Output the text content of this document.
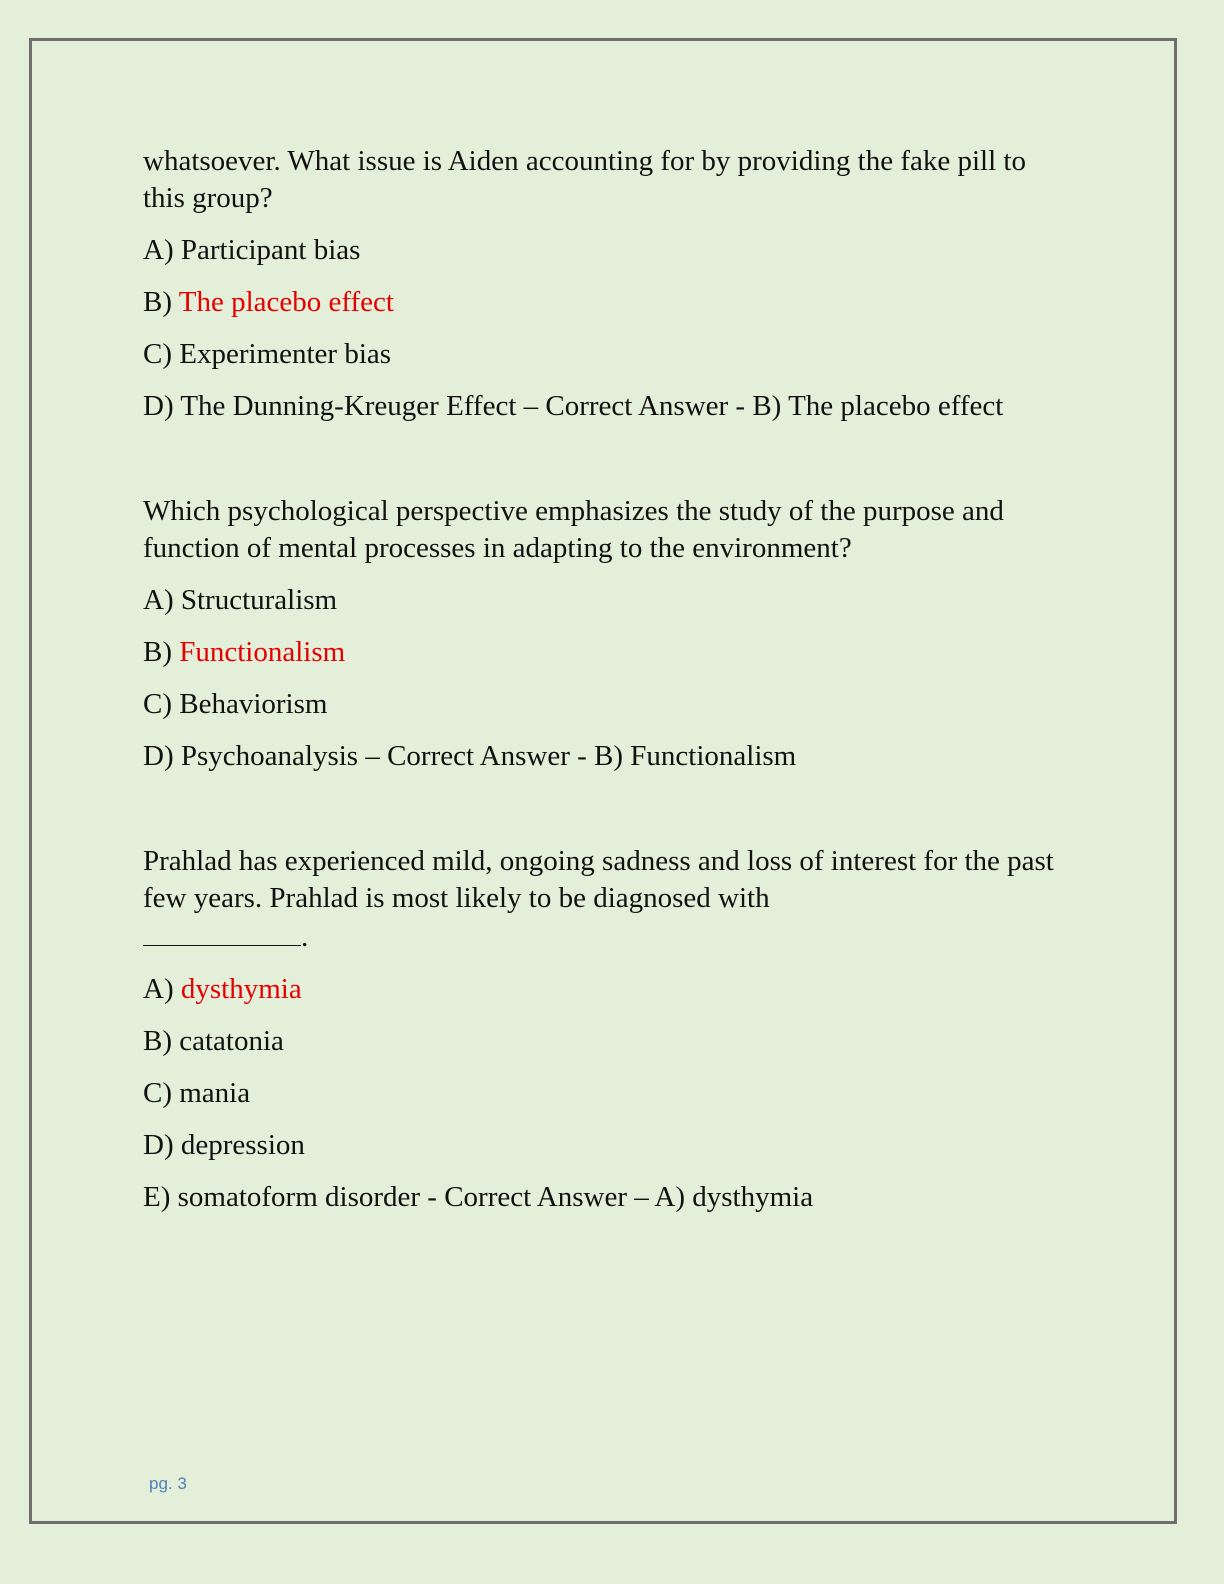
whatsoever. What issue is Aiden accounting for by providing the fake pill to this group?

A) Participant bias

B) The placebo effect

C) Experimenter bias

D) The Dunning-Kreuger Effect – Correct Answer - B) The placebo effect

Which psychological perspective emphasizes the study of the purpose and function of mental processes in adapting to the environment?

A) Structuralism

B) Functionalism

C) Behaviorism

D) Psychoanalysis – Correct Answer - B) Functionalism

Prahlad has experienced mild, ongoing sadness and loss of interest for the past few years. Prahlad is most likely to be diagnosed with
.

A) dysthymia

B) catatonia

C) mania

D) depression

E) somatoform disorder - Correct Answer – A) dysthymia

pg. 3
